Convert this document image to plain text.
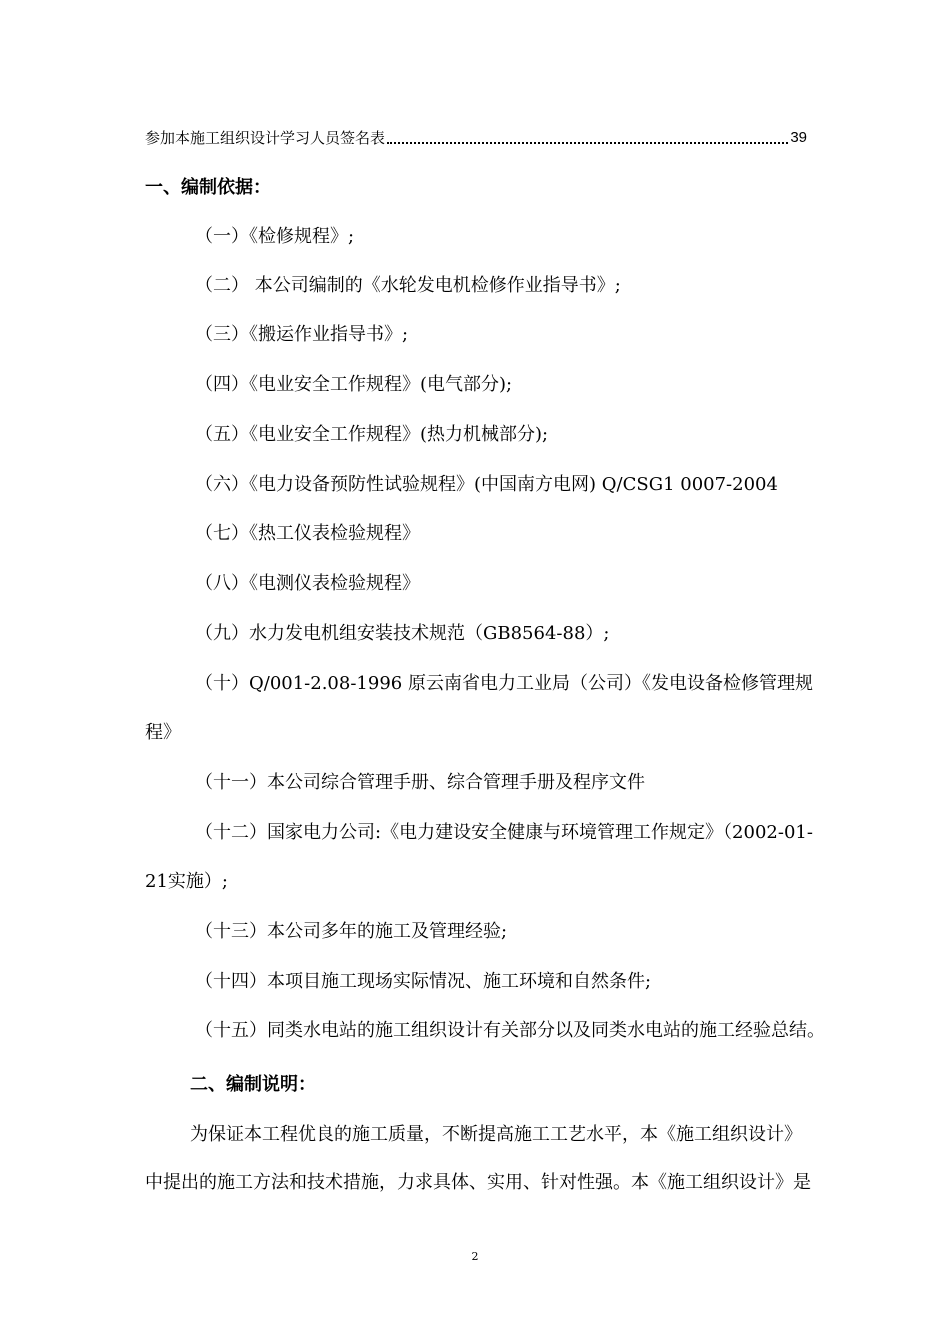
参加本施工组织设计学习人员签名表	39
一、编制依据：
（一）《检修规程》;
（二） 本公司编制的《水轮发电机检修作业指导书》;
（三）《搬运作业指导书》;
（四）《电业安全工作规程》(电气部分);
（五）《电业安全工作规程》(热力机械部分);
（六）《电力设备预防性试验规程》(中国南方电网) Q/CSG1 0007-2004
（七）《热工仪表检验规程》
（八）《电测仪表检验规程》
（九）水力发电机组安装技术规范（GB8564-88）;
（十）Q/001-2.08-1996 原云南省电力工业局（公司）《发电设备检修管理规
程》
（十一）本公司综合管理手册、综合管理手册及程序文件
（十二）国家电力公司:《电力建设安全健康与环境管理工作规定》（2002-01-
21实施）;
（十三）本公司多年的施工及管理经验;
（十四）本项目施工现场实际情况、施工环境和自然条件;
（十五）同类水电站的施工组织设计有关部分以及同类水电站的施工经验总结。
二、编制说明：
为保证本工程优良的施工质量，不断提高施工工艺水平，本《施工组织设计》
中提出的施工方法和技术措施，力求具体、实用、针对性强。本《施工组织设计》是
2
